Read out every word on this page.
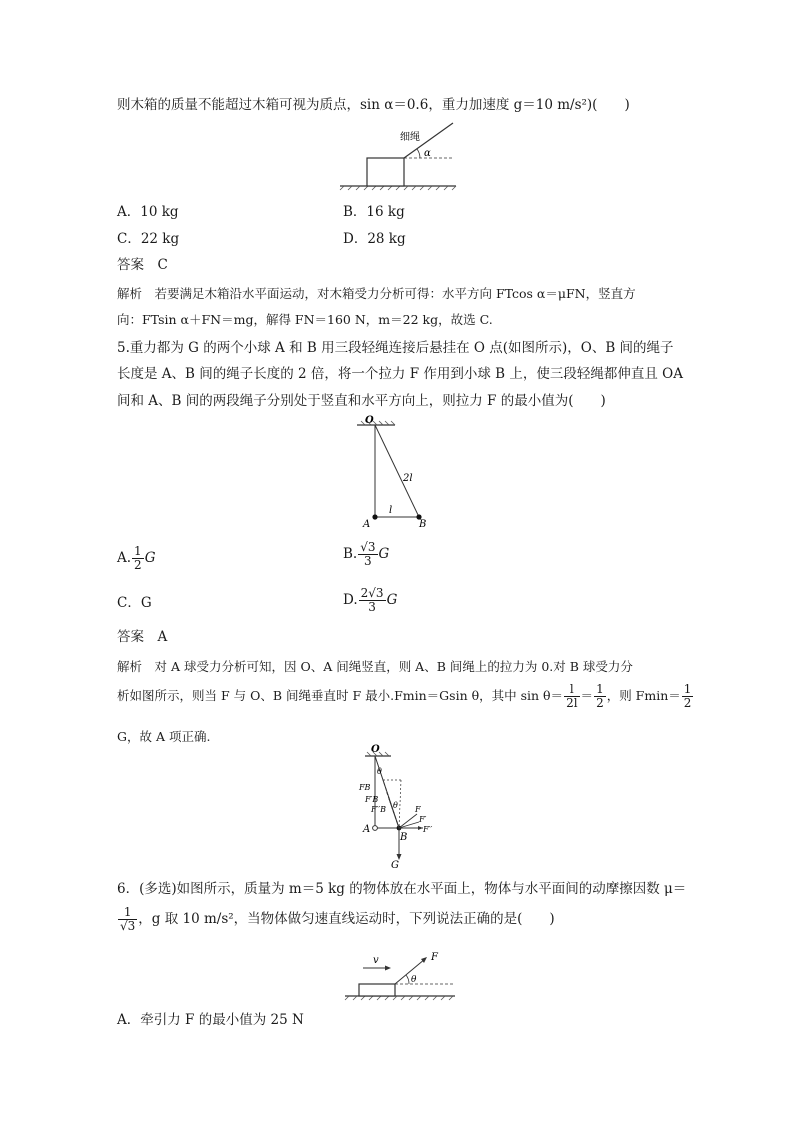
则木箱的质量不能超过木箱可视为质点，sin α＝0.6，重力加速度 g＝10 m/s²)(　　)
细绳
α
A．10 kg	B．16 kg
C．22 kg	D．28 kg
答案　C
解析　若要满足木箱沿水平面运动，对木箱受力分析可得：水平方向 FTcos α＝μFN，竖直方
向：FTsin α＋FN＝mg，解得 FN＝160 N，m＝22 kg，故选 C.
5.重力都为 G 的两个小球 A 和 B 用三段轻绳连接后悬挂在 O 点(如图所示)，O、B 间的绳子
长度是 A、B 间的绳子长度的 2 倍，将一个拉力 F 作用到小球 B 上，使三段轻绳都伸直且 OA
间和 A、B 间的两段绳子分别处于竖直和水平方向上，则拉力 F 的最小值为(　　)
O
A	B
l
2l
A. $\frac{1}{2}$ G	B. $\frac{√3}{3}$ G
C．G	D. $\frac{2√3}{3}$ G
答案　A
解析　对 A 球受力分析可知，因 O、A 间绳竖直，则 A、B 间绳上的拉力为 0.对 B 球受力分
析如图所示，则当 F 与 O、B 间绳垂直时 F 最小.Fmin＝Gsin θ，其中 $\sin \theta= \frac{l}{2l} = \frac{1}{2}$ ，则 $Fmin= \frac{1}{2}$
G，故 A 项正确.
O
A
B
G
θ
θ F
F′
F′′
FB
F′B
F′′B
6．(多选)如图所示，质量为 m＝5 kg 的物体放在水平面上，物体与水平面间的动摩擦因数 μ＝
$\frac{1}{√3}$ ，g 取 10 m/s²，当物体做匀速直线运动时，下列说法正确的是(　　)
v	F
θ
A．牵引力 F 的最小值为 25 N
